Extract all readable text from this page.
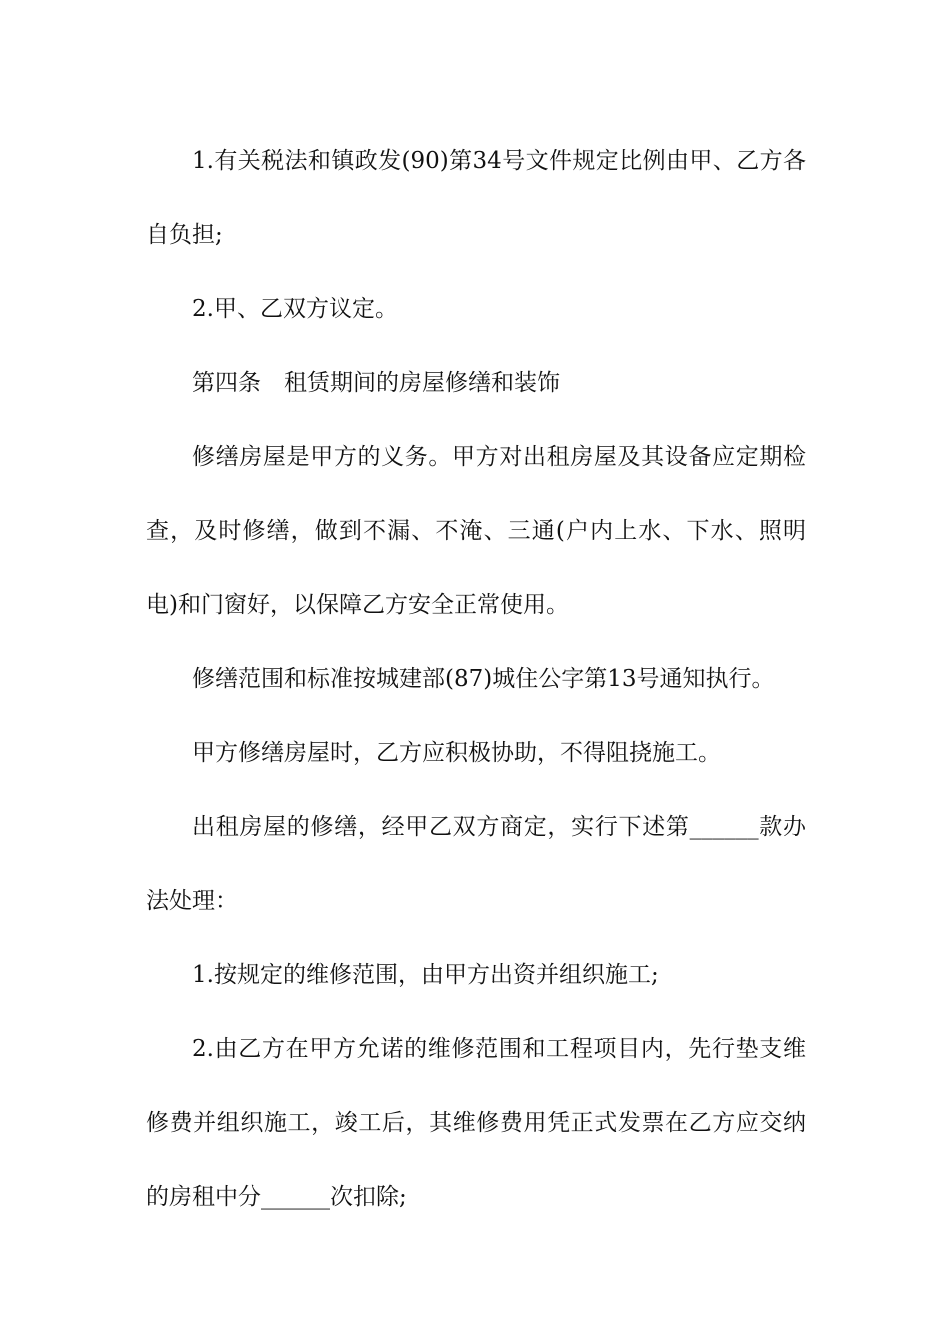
1.有关税法和镇政发(90)第34号文件规定比例由甲、乙方各自负担;

2.甲、乙双方议定。

第四条　租赁期间的房屋修缮和装饰

修缮房屋是甲方的义务。甲方对出租房屋及其设备应定期检查，及时修缮，做到不漏、不淹、三通(户内上水、下水、照明电)和门窗好，以保障乙方安全正常使用。

修缮范围和标准按城建部(87)城住公字第13号通知执行。

甲方修缮房屋时，乙方应积极协助，不得阻挠施工。

出租房屋的修缮，经甲乙双方商定，实行下述第______款办法处理：

1.按规定的维修范围，由甲方出资并组织施工;

2.由乙方在甲方允诺的维修范围和工程项目内，先行垫支维修费并组织施工，竣工后，其维修费用凭正式发票在乙方应交纳的房租中分______次扣除;
